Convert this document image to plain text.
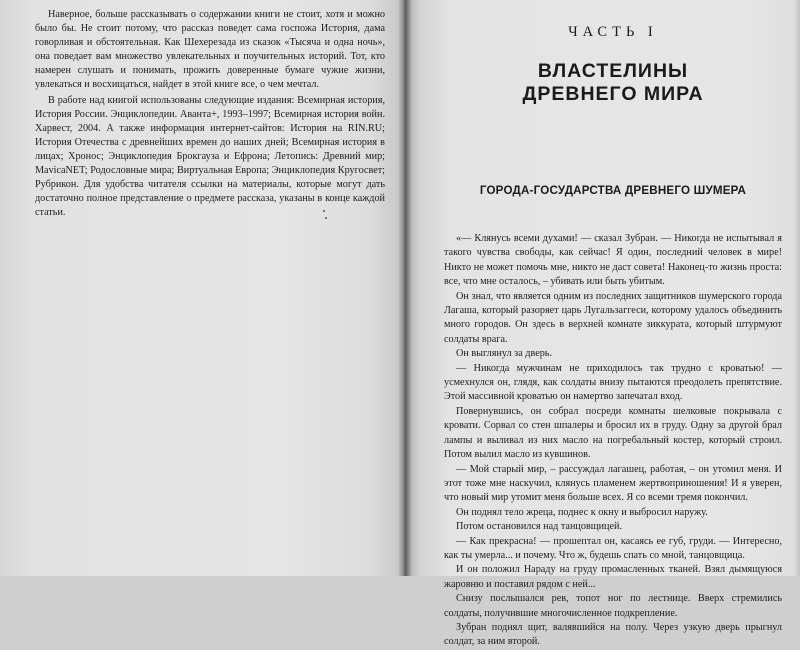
Наверное, больше рассказывать о содержании книги не стоит, хотя и можно было бы. Не стоит потому, что рассказ поведет сама госпожа История, дама говорливая и обстоятельная. Как Шехерезада из сказок «Тысяча и одна ночь», она поведает вам множество увлекательных и поучительных историй. Тот, кто намерен слушать и понимать, прожить доверенные бумаге чужие жизни, увлекаться и восхищаться, найдет в этой книге все, о чем мечтал.

В работе над книгой использованы следующие издания: Всемирная история, История России. Энциклопедии. Аванта+, 1993–1997; Всемирная история войн. Харвест, 2004. А также информация интернет-сайтов: История на RIN.RU; История Отечества с древнейших времен до наших дней; Всемирная история в лицах; Хронос; Энциклопедия Брокгауза и Ефрона; Летопись: Древний мир; MavicaNET; Родословные мира; Виртуальная Европа; Энциклопедия Кругосвет; Рубрикон. Для удобства читателя ссылки на материалы, которые могут дать достаточно полное представление о предмете рассказа, указаны в конце каждой статьи.

ЧАСТЬ I
ВЛАСТЕЛИНЫ
ДРЕВНЕГО МИРА
ГОРОДА-ГОСУДАРСТВА ДРЕВНЕГО ШУМЕРА

«— Клянусь всеми духами! — сказал Зубран. — Никогда не испытывал я такого чувства свободы, как сейчас! Я один, последний человек в мире! Никто не может помочь мне, никто не даст совета! Наконец-то жизнь проста: все, что мне осталось, – убивать или быть убитым.

Он знал, что является одним из последних защитников шумерского города Лагаша, который разоряет царь Лугальзаггеси, которому удалось объединить много городов. Он здесь в верхней комнате зиккурата, который штурмуют солдаты врага.

Он выглянул за дверь.

— Никогда мужчинам не приходилось так трудно с кроватью! — усмехнулся он, глядя, как солдаты внизу пытаются преодолеть препятствие. Этой массивной кроватью он намертво запечатал вход.

Повернувшись, он собрал посреди комнаты шелковые покрывала с кровати. Сорвал со стен шпалеры и бросил их в груду. Одну за другой брал лампы и выливал из них масло на погребальный костер, который строил. Потом вылил масло из кувшинов.

— Мой старый мир, – рассуждал лагашец, работая, – он утомил меня. И этот тоже мне наскучил, клянусь пламенем жертвоприношения! И я уверен, что новый мир утомит меня больше всех. Я со всеми тремя покончил.

Он поднял тело жреца, поднес к окну и выбросил наружу.

Потом остановился над танцовщицей.

— Как прекрасна! — прошептал он, касаясь ее губ, груди. — Интересно, как ты умерла... и почему. Что ж, будешь спать со мной, танцовщица.

И он положил Нараду на груду промасленных тканей. Взял дымящуюся жаровню и поставил рядом с ней...

Снизу послышался рев, топот ног по лестнице. Вверх стремились солдаты, получившие многочисленное подкрепление.

Зубран поднял щит, валявшийся на полу. Через узкую дверь прыгнул солдат, за ним второй.
